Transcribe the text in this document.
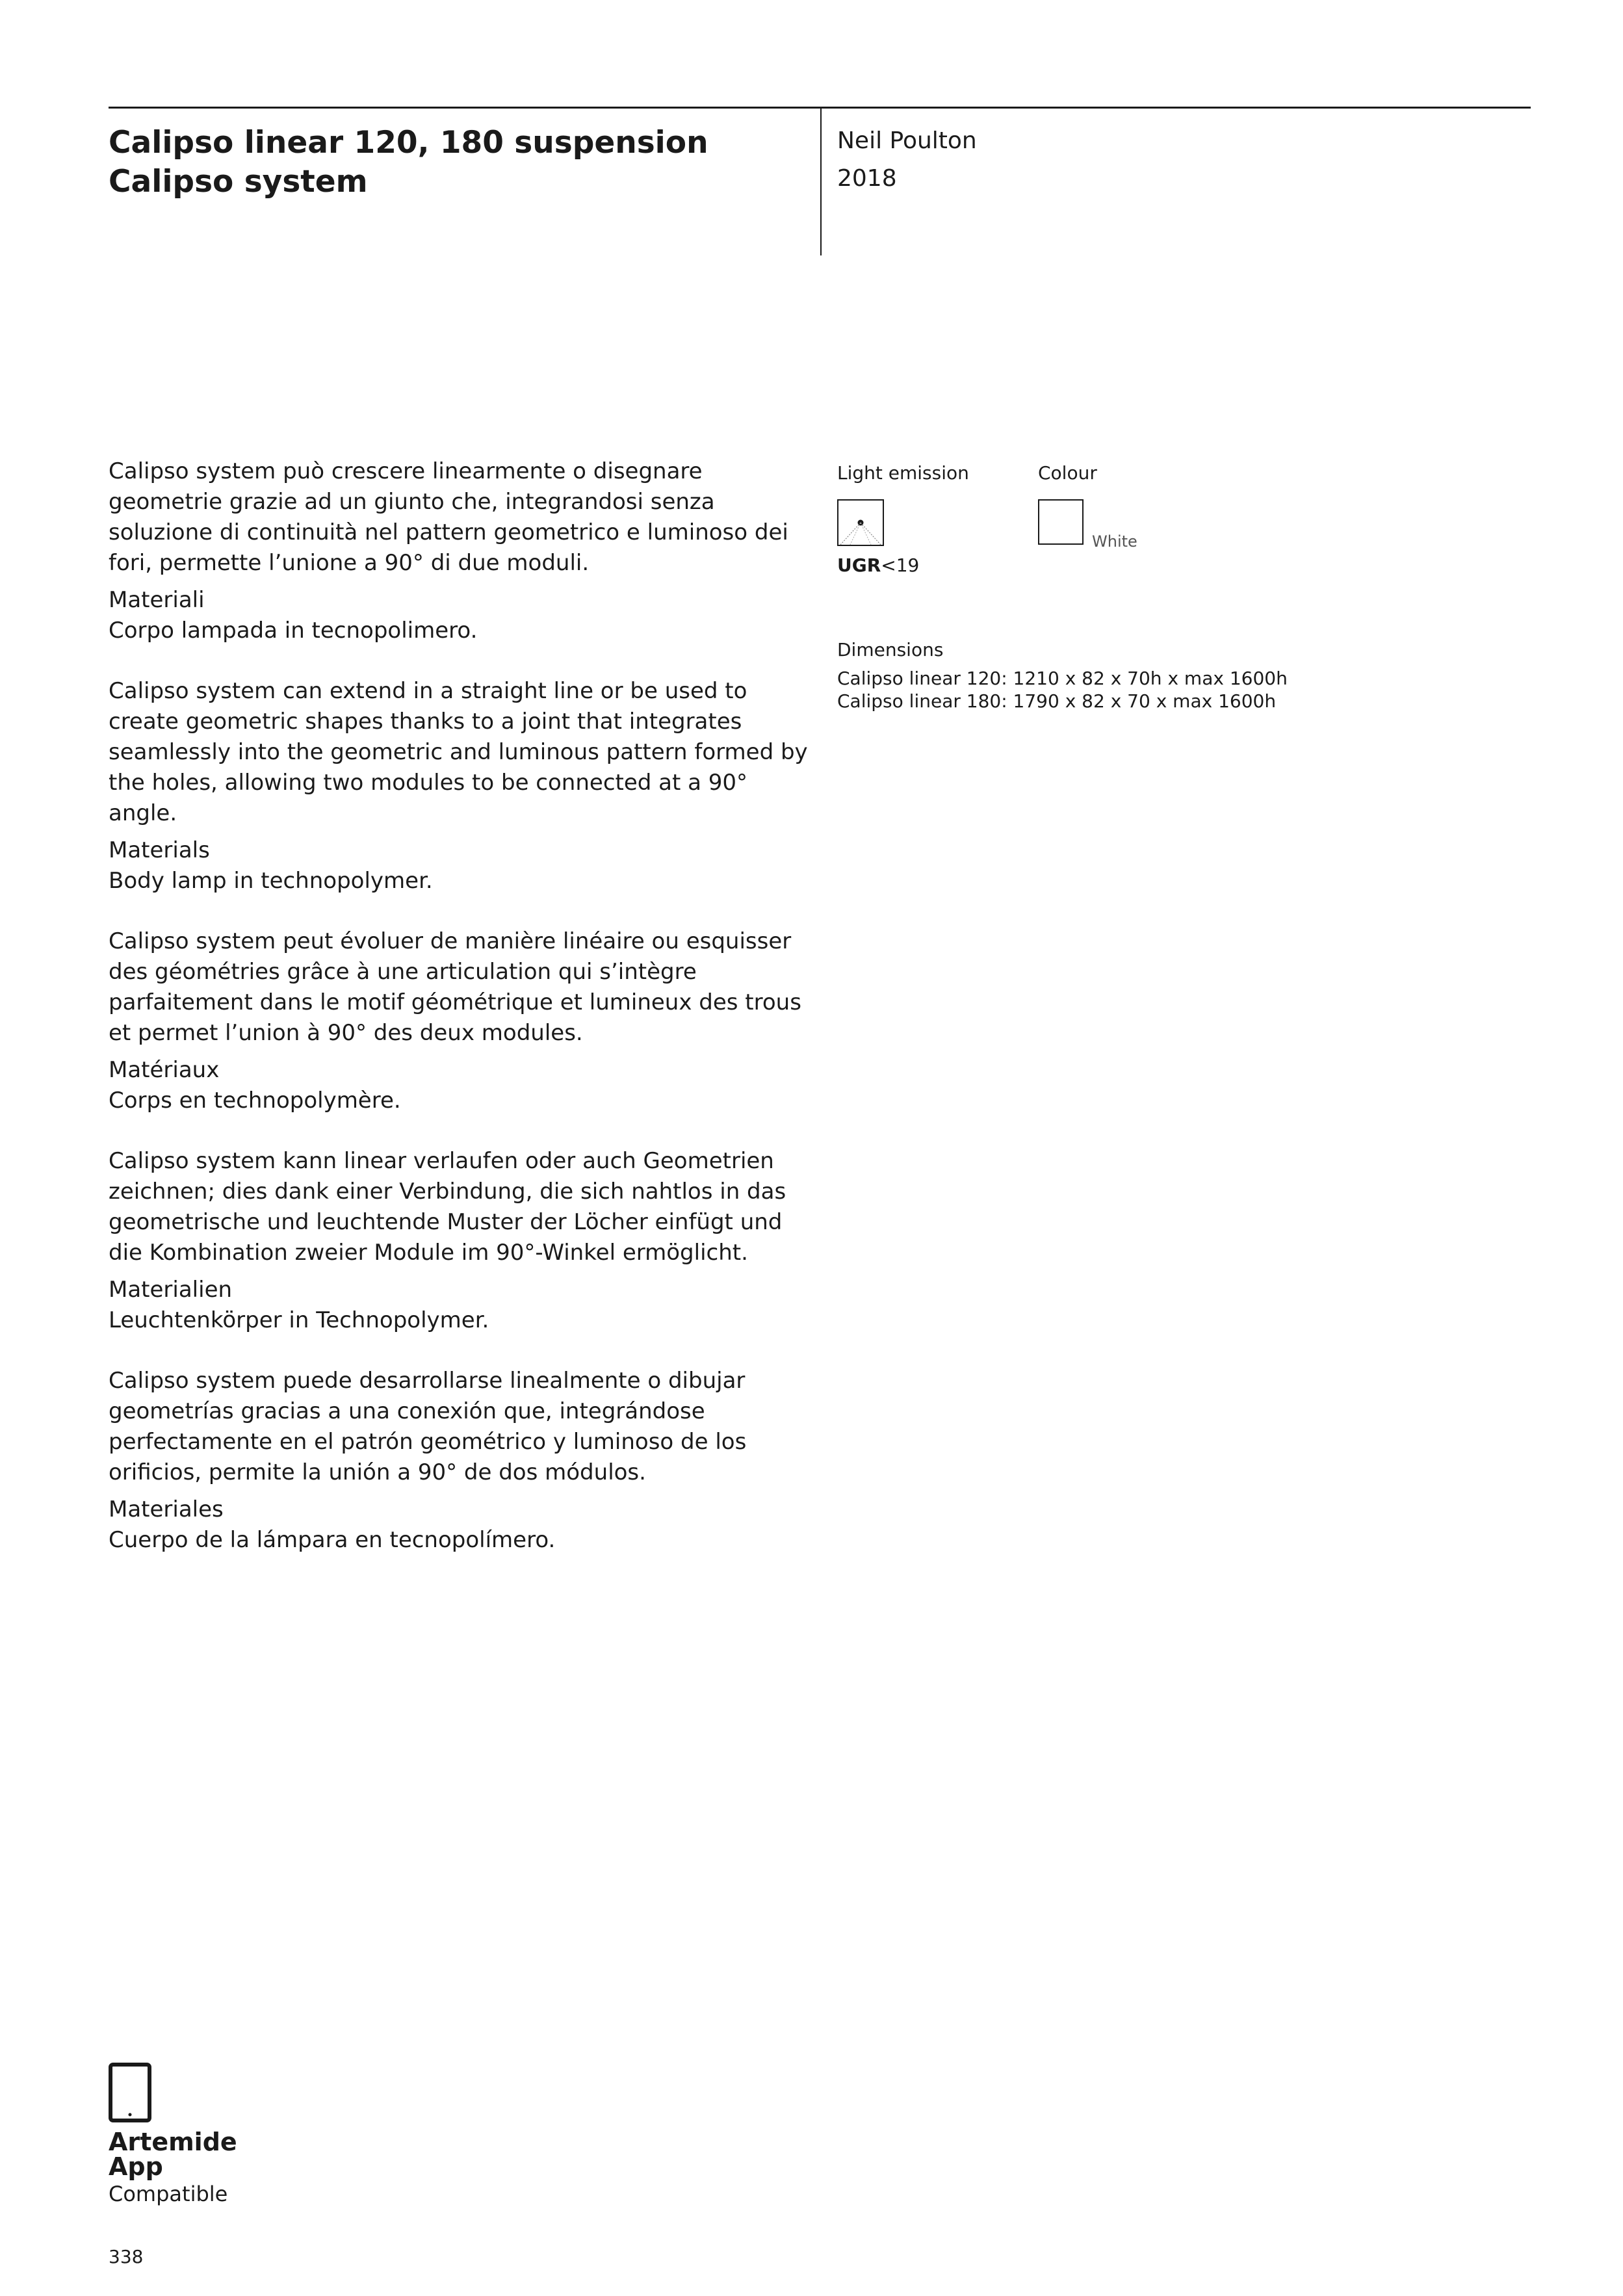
Calipso linear 120, 180 suspension
Calipso system
Neil Poulton
2018

Calipso system può crescere linearmente o disegnare geometrie grazie ad un giunto che, integrandosi senza soluzione di continuità nel pattern geometrico e luminoso dei fori, permette l’unione a 90° di due moduli.

Materiali

Corpo lampada in tecnopolimero.

Calipso system can extend in a straight line or be used to create geometric shapes thanks to a joint that integrates seamlessly into the geometric and luminous pattern formed by the holes, allowing two modules to be connected at a 90° angle.

Materials

Body lamp in technopolymer.

Calipso system peut évoluer de manière linéaire ou esquisser des géométries grâce à une articulation qui s’intègre parfaitement dans le motif géométrique et lumineux des trous et permet l’union à 90° des deux modules.

Matériaux

Corps en technopolymère.

Calipso system kann linear verlaufen oder auch Geometrien zeichnen; dies dank einer Verbindung, die sich nahtlos in das geometrische und leuchtende Muster der Löcher einfügt und die Kombination zweier Module im 90°-Winkel ermöglicht.

Materialien

Leuchtenkörper in Technopolymer.

Calipso system puede desarrollarse linealmente o dibujar geometrías gracias a una conexión que, integrándose perfectamente en el patrón geométrico y luminoso de los orificios, permite la unión a 90° de dos módulos.

Materiales

Cuerpo de la lámpara en tecnopolímero.

Light emission	Colour
UGR<19
White
Dimensions
Calipso linear 120: 1210 x 82 x 70h x max 1600h
Calipso linear 180: 1790 x 82 x 70 x max 1600h
Artemide
App
Compatible
338
